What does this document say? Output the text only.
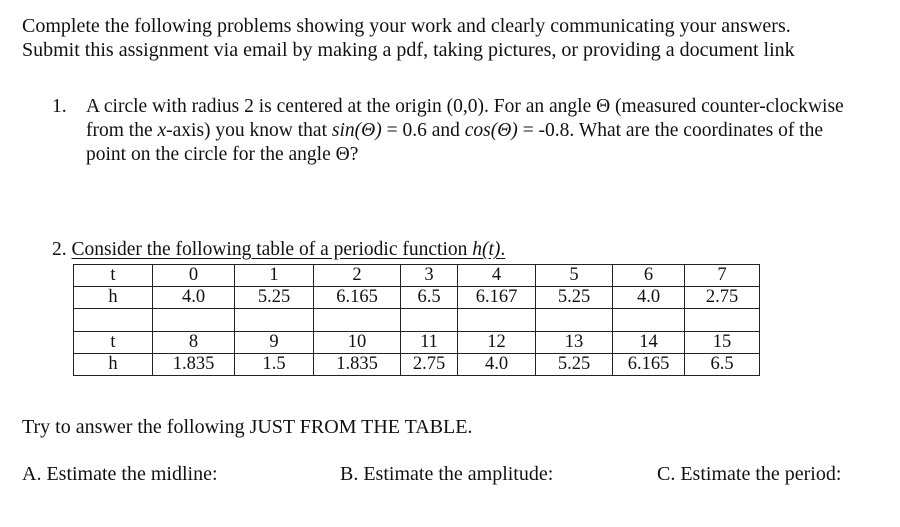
Complete the following problems showing your work and clearly communicating your answers.
Submit this assignment via email by making a pdf, taking pictures, or providing a document link
1. A circle with radius 2 is centered at the origin (0,0). For an angle Θ (measured counter-clockwise from the x-axis) you know that sin(Θ) = 0.6 and cos(Θ) = -0.8. What are the coordinates of the point on the circle for the angle Θ?
2. Consider the following table of a periodic function h(t).
t	0	1	2	3	4	5	6	7
h	4.0	5.25	6.165	6.5	6.167	5.25	4.0	2.75

t	8	9	10	11	12	13	14	15
h	1.835	1.5	1.835	2.75	4.0	5.25	6.165	6.5
Try to answer the following JUST FROM THE TABLE.
A. Estimate the midline:	B. Estimate the amplitude:	C. Estimate the period:
